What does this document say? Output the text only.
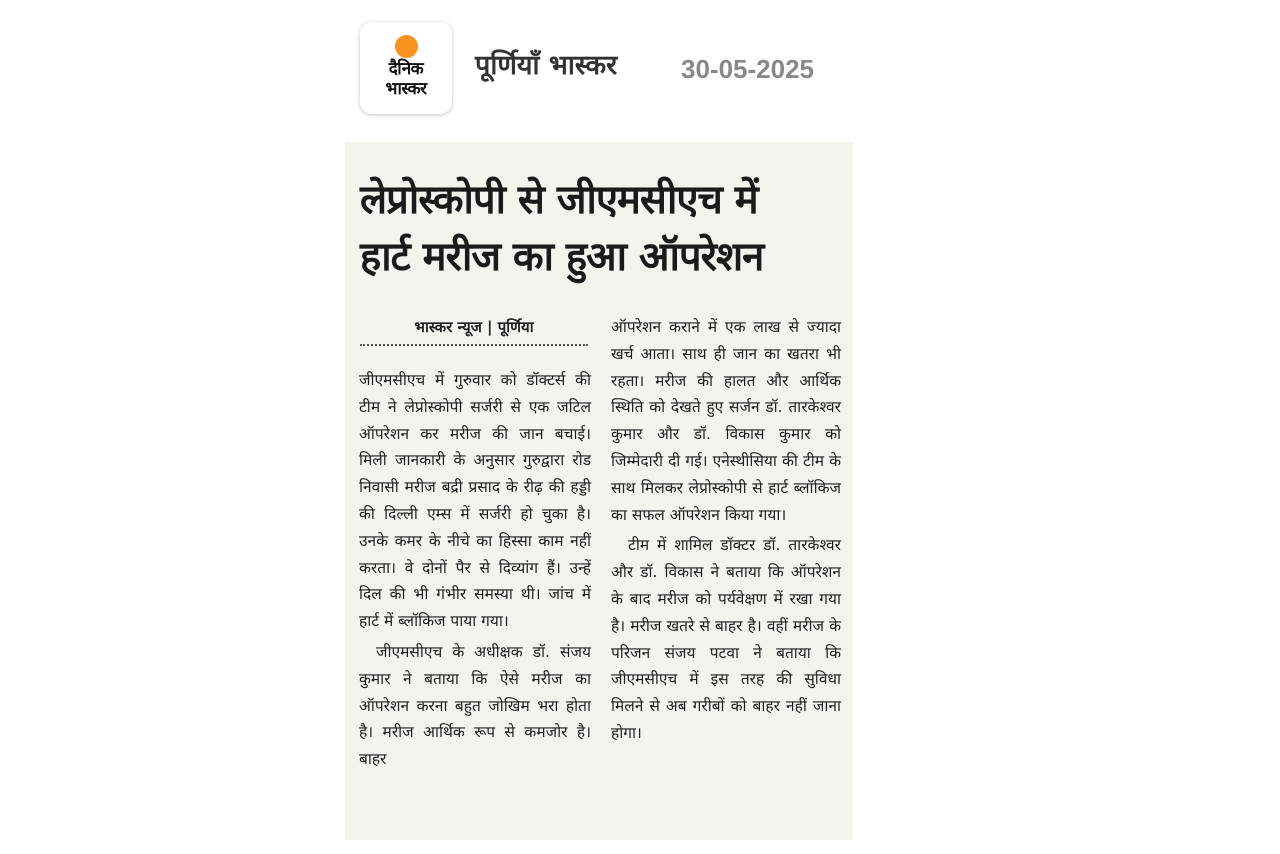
दैनिक
भास्कर
पूर्णियाँ भास्कर 30-05-2025
लेप्रोस्कोपी से जीएमसीएच में
हार्ट मरीज का हुआ ऑपरेशन
भास्कर न्यूज | पूर्णिया

जीएमसीएच में गुरुवार को डॉक्टर्स की टीम ने लेप्रोस्कोपी सर्जरी से एक जटिल ऑपरेशन कर मरीज की जान बचाई। मिली जानकारी के अनुसार गुरुद्वारा रोड निवासी मरीज बद्री प्रसाद के रीढ़ की हड्डी की दिल्ली एम्स में सर्जरी हो चुका है। उनके कमर के नीचे का हिस्सा काम नहीं करता। वे दोनों पैर से दिव्यांग हैं। उन्हें दिल की भी गंभीर समस्या थी। जांच में हार्ट में ब्लॉकिज पाया गया।

जीएमसीएच के अधीक्षक डॉ. संजय कुमार ने बताया कि ऐसे मरीज का ऑपरेशन करना बहुत जोखिम भरा होता है। मरीज आर्थिक रूप से कमजोर है। बाहर

ऑपरेशन कराने में एक लाख से ज्यादा खर्च आता। साथ ही जान का खतरा भी रहता। मरीज की हालत और आर्थिक स्थिति को देखते हुए सर्जन डॉ. तारकेश्वर कुमार और डॉ. विकास कुमार को जिम्मेदारी दी गई। एनेस्थीसिया की टीम के साथ मिलकर लेप्रोस्कोपी से हार्ट ब्लॉकिज का सफल ऑपरेशन किया गया।

टीम में शामिल डॉक्टर डॉ. तारकेश्वर और डॉ. विकास ने बताया कि ऑपरेशन के बाद मरीज को पर्यवेक्षण में रखा गया है। मरीज खतरे से बाहर है। वहीं मरीज के परिजन संजय पटवा ने बताया कि जीएमसीएच में इस तरह की सुविधा मिलने से अब गरीबों को बाहर नहीं जाना होगा।
